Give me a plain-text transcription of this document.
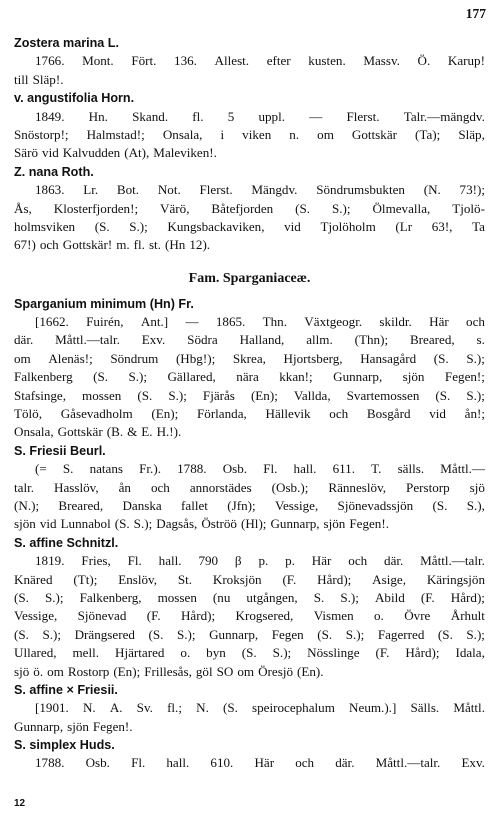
177
Zostera marina L.
1766. Mont. Fört. 136. Allest. efter kusten. Massv. Ö. Karup!
till Släp!.
v. angustifolia Horn.
1849. Hn. Skand. fl. 5 uppl. — Flerst. Talr.—mängdv.
Snöstorp!; Halmstad!; Onsala, i viken n. om Gottskär (Ta); Släp,
Särö vid Kalvudden (At), Maleviken!.
Z. nana Roth.
1863. Lr. Bot. Not. Flerst. Mängdv. Söndrumsbukten (N. 73!);
Ås, Klosterfjorden!; Värö, Båtefjorden (S. S.); Ölmevalla, Tjolö-
holmsviken (S. S.); Kungsbackaviken, vid Tjolöholm (Lr 63!, Ta
67!) och Gottskär! m. fl. st. (Hn 12).
Fam. Sparganiaceæ.
Sparganium minimum (Hn) Fr.
[1662. Fuirén, Ant.] — 1865. Thn. Växtgeogr. skildr. Här och
där. Måttl.—talr. Exv. Södra Halland, allm. (Thn); Breared, s.
om Alenäs!; Söndrum (Hbg!); Skrea, Hjortsberg, Hansagård (S. S.);
Falkenberg (S. S.); Gällared, nära kkan!; Gunnarp, sjön Fegen!;
Stafsinge, mossen (S. S.); Fjärås (En); Vallda, Svartemossen (S. S.);
Tölö, Gåsevadholm (En); Förlanda, Hällevik och Bosgård vid ån!;
Onsala, Gottskär (B. & E. H.!).
S. Friesii Beurl.
(= S. natans Fr.). 1788. Osb. Fl. hall. 611. T. sälls. Måttl.—
talr. Hasslöv, ån och annorstädes (Osb.); Ränneslöv, Perstorp sjö
(N.); Breared, Danska fallet (Jfn); Vessige, Sjönevadssjön (S. S.),
sjön vid Lunnabol (S. S.); Dagsås, Öströö (Hl); Gunnarp, sjön Fegen!.
S. affine Schnitzl.
1819. Fries, Fl. hall. 790 β p. p. Här och där. Måttl.—talr.
Knäred (Tt); Enslöv, St. Kroksjön (F. Hård); Asige, Käringsjön
(S. S.); Falkenberg, mossen (nu utgången, S. S.); Abild (F. Hård);
Vessige, Sjönevad (F. Hård); Krogsered, Vismen o. Övre Århult
(S. S.); Drängsered (S. S.); Gunnarp, Fegen (S. S.); Fagerred (S. S.);
Ullared, mell. Hjärtared o. byn (S. S.); Nösslinge (F. Hård); Idala,
sjö ö. om Rostorp (En); Frillesås, göl SO om Öresjö (En).
S. affine × Friesii.
[1901. N. A. Sv. fl.; N. (S. speirocephalum Neum.).] Sälls. Måttl.
Gunnarp, sjön Fegen!.
S. simplex Huds.
1788. Osb. Fl. hall. 610. Här och där. Måttl.—talr. Exv.
12
